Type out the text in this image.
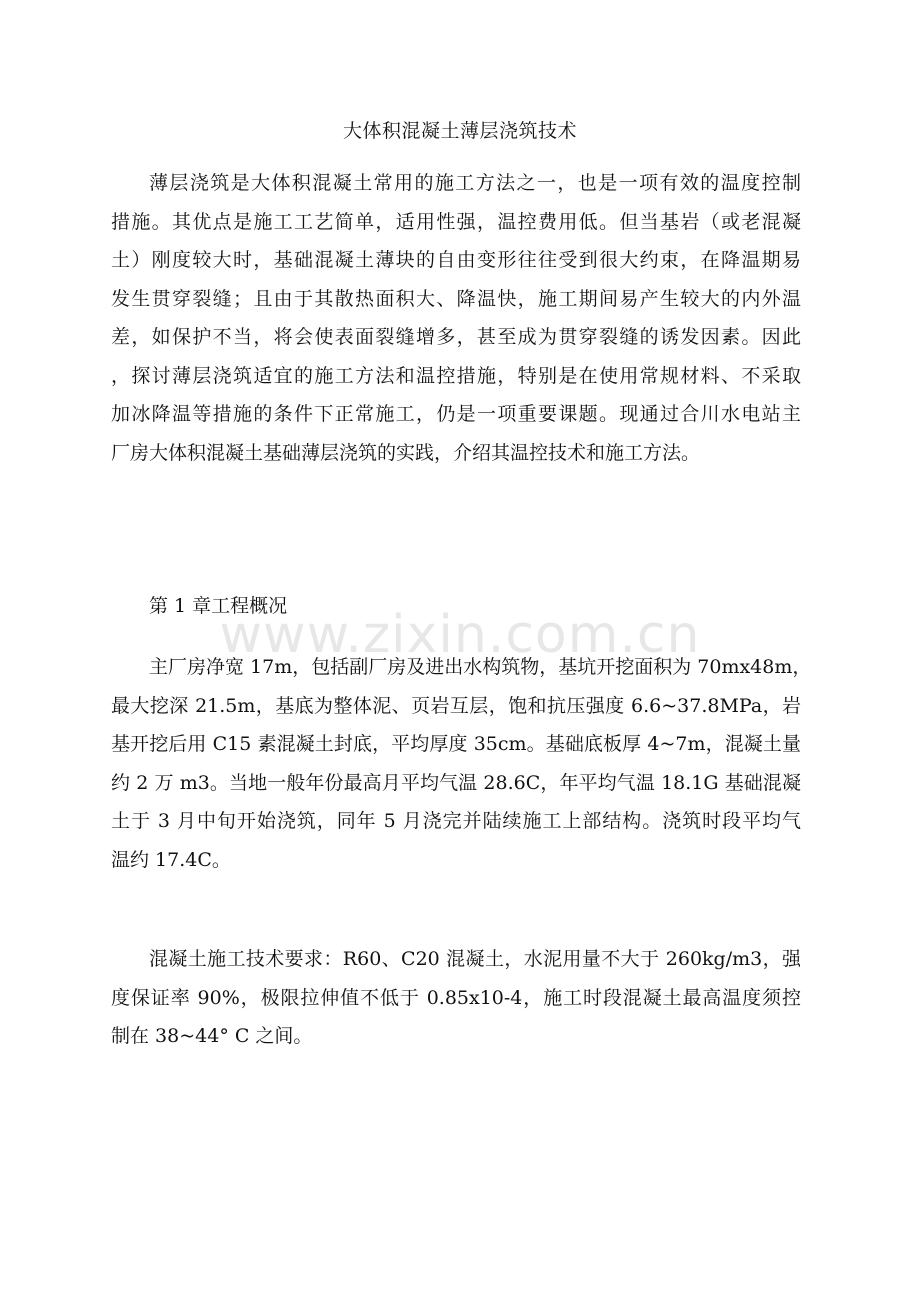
大体积混凝土薄层浇筑技术
薄层浇筑是大体积混凝土常用的施工方法之一，也是一项有效的温度控制
措施。其优点是施工工艺简单，适用性强，温控费用低。但当基岩（或老混凝
土）刚度较大时，基础混凝土薄块的自由变形往往受到很大约束，在降温期易
发生贯穿裂缝；且由于其散热面积大、降温快，施工期间易产生较大的内外温
差，如保护不当，将会使表面裂缝增多，甚至成为贯穿裂缝的诱发因素。因此
，探讨薄层浇筑适宜的施工方法和温控措施，特别是在使用常规材料、不采取
加冰降温等措施的条件下正常施工，仍是一项重要课题。现通过合川水电站主
厂房大体积混凝土基础薄层浇筑的实践，介绍其温控技术和施工方法。
第 1 章工程概况
主厂房净宽 17m，包括副厂房及进出水构筑物，基坑开挖面积为 70mx48m，
最大挖深 21.5m，基底为整体泥、页岩互层，饱和抗压强度 6.6~37.8MPa，岩
基开挖后用 C15 素混凝土封底，平均厚度 35cm。基础底板厚 4~7m，混凝土量
约 2 万 m3。当地一般年份最高月平均气温 28.6C，年平均气温 18.1G 基础混凝
土于 3 月中旬开始浇筑，同年 5 月浇完并陆续施工上部结构。浇筑时段平均气
温约 17.4C。
混凝土施工技术要求：R60、C20 混凝土，水泥用量不大于 260kg/m3，强
度保证率 90%，极限拉伸值不低于 0.85x10-4，施工时段混凝土最高温度须控
制在 38~44° C 之间。
www.zixin.com.cn
